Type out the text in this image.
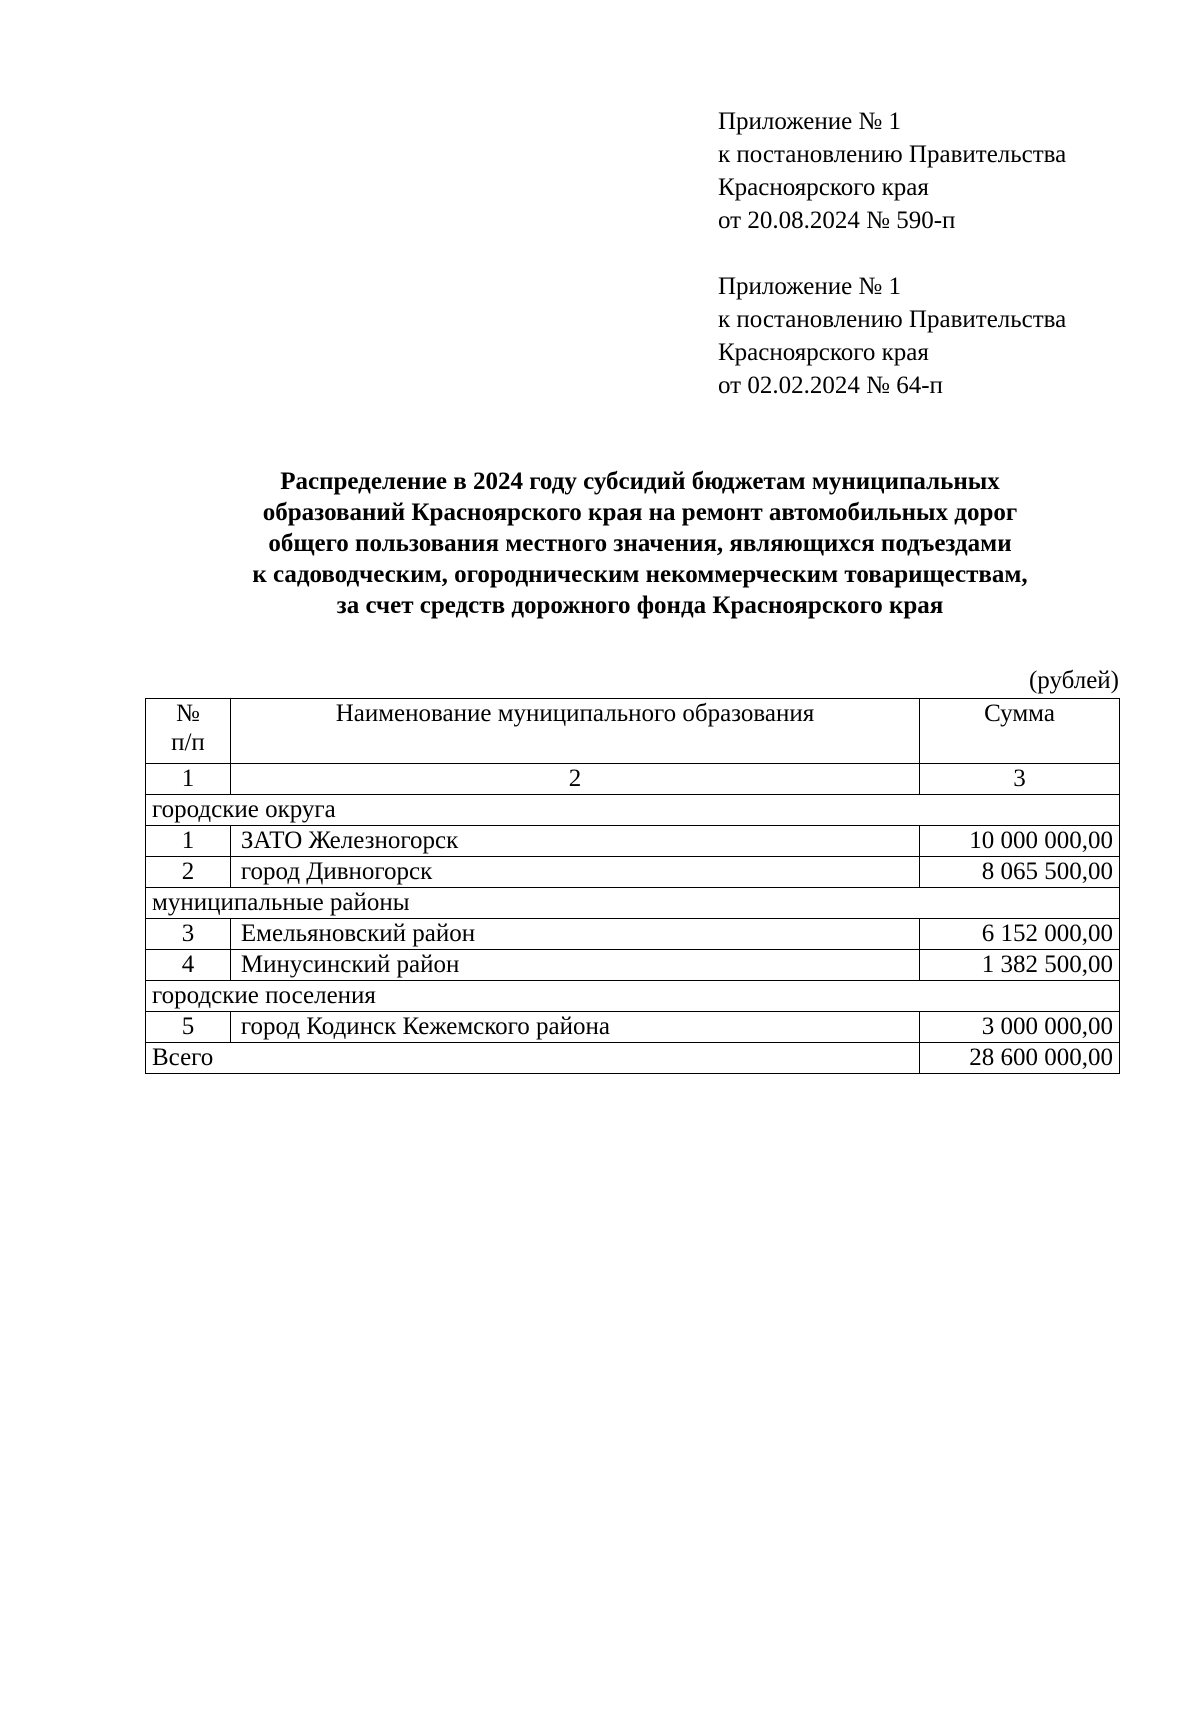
Приложение № 1
к постановлению Правительства
Красноярского края
от 20.08.2024 № 590-п
Приложение № 1
к постановлению Правительства
Красноярского края
от 02.02.2024 № 64-п
Распределение в 2024 году субсидий бюджетам муниципальных
образований Красноярского края на ремонт автомобильных дорог
общего пользования местного значения, являющихся подъездами
к садоводческим, огородническим некоммерческим товариществам,
за счет средств дорожного фонда Красноярского края
(рублей)
№
п/п	Наименование муниципального образования	Сумма
1	2	3
городские округа		
1	ЗАТО Железногорск	10 000 000,00
2	город Дивногорск	8 065 500,00
муниципальные районы		
3	Емельяновский район	6 152 000,00
4	Минусинский район	1 382 500,00
городские поселения		
5	город Кодинск Кежемского района	3 000 000,00
Всего		28 600 000,00
